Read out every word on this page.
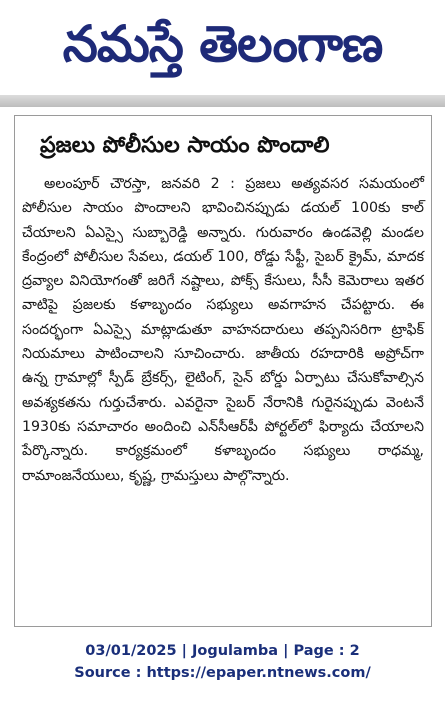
నమస్తే తెలంగాణ
ప్రజలు పోలీసుల సాయం పొందాలి

అలంపూర్ చౌరస్తా, జనవరి 2 : ప్రజలు అత్యవసర సమయంలో పోలీసుల సాయం పొందాలని భావించినప్పుడు డయల్ 100కు కాల్ చేయాలని ఏఎస్సై సుబ్బారెడ్డి అన్నారు. గురువారం ఉండవెల్లి మండల కేంద్రంలో పోలీసుల సేవలు, డయల్ 100, రోడ్డు సేఫ్టీ, సైబర్ క్రైమ్, మాదక ద్రవ్యాల వినియోగంతో జరిగే నష్టాలు, పోక్స్ కేసులు, సీసీ కెమెరాలు ఇతర వాటిపై ప్రజలకు కళాబృందం సభ్యులు అవగాహన చేపట్టారు. ఈ సందర్భంగా ఏఎస్సై మాట్లాడుతూ వాహనదారులు తప్పనిసరిగా ట్రాఫిక్ నియమాలు పాటించాలని సూచించారు. జాతీయ రహదారికి అప్రోచ్‌గా ఉన్న గ్రామాల్లో స్పీడ్ బ్రేకర్స్, లైటింగ్, సైన్ బోర్డు ఏర్పాటు చేసుకోవాల్సిన అవశ్యకతను గుర్తుచేశారు. ఎవరైనా సైబర్ నేరానికి గురైనప్పుడు వెంటనే 1930కు సమాచారం అందించి ఎన్‌సీఆర్‌పీ పోర్టల్‌లో ఫిర్యాదు చేయాలని పేర్కొన్నారు. కార్యక్రమంలో కళాబృందం సభ్యులు రాధమ్మ, రామాంజనేయులు, కృష్ణ, గ్రామస్తులు పాల్గొన్నారు.

03/01/2025 | Jogulamba | Page : 2
Source : https://epaper.ntnews.com/
